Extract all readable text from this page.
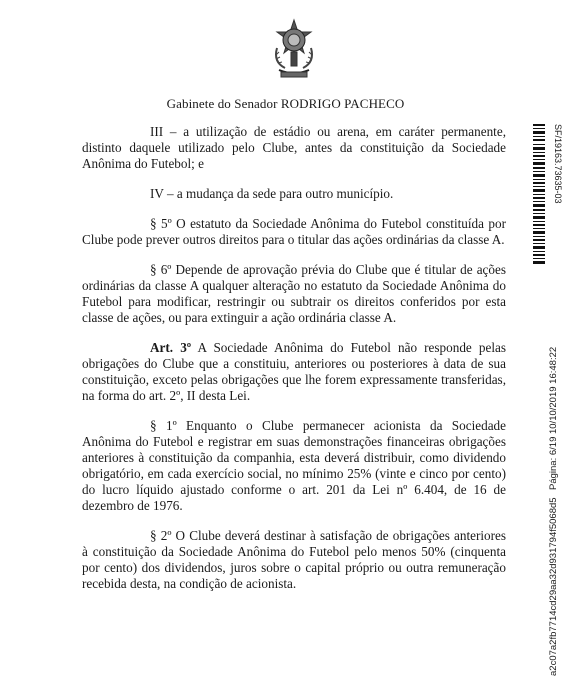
Gabinete do Senador RODRIGO PACHECO

III – a utilização de estádio ou arena, em caráter permanente, distinto daquele utilizado pelo Clube, antes da constituição da Sociedade Anônima do Futebol; e

IV – a mudança da sede para outro município.

§ 5º O estatuto da Sociedade Anônima do Futebol constituída por Clube pode prever outros direitos para o titular das ações ordinárias da classe A.

§ 6º Depende de aprovação prévia do Clube que é titular de ações ordinárias da classe A qualquer alteração no estatuto da Sociedade Anônima do Futebol para modificar, restringir ou subtrair os direitos conferidos por esta classe de ações, ou para extinguir a ação ordinária classe A.

Art. 3º A Sociedade Anônima do Futebol não responde pelas obrigações do Clube que a constituiu, anteriores ou posteriores à data de sua constituição, exceto pelas obrigações que lhe forem expressamente transferidas, na forma do art. 2º, II desta Lei.

§ 1º Enquanto o Clube permanecer acionista da Sociedade Anônima do Futebol e registrar em suas demonstrações financeiras obrigações anteriores à constituição da companhia, esta deverá distribuir, como dividendo obrigatório, em cada exercício social, no mínimo 25% (vinte e cinco por cento) do lucro líquido ajustado conforme o art. 201 da Lei nº 6.404, de 16 de dezembro de 1976.

§ 2º O Clube deverá destinar à satisfação de obrigações anteriores à constituição da Sociedade Anônima do Futebol pelo menos 50% (cinquenta por cento) dos dividendos, juros sobre o capital próprio ou outra remuneração recebida desta, na condição de acionista.

SF/19163.73635-03
Página: 6/19 10/10/2019 16:48:22
a2c07a2fb7714cd29aa32d931794f5068d5
